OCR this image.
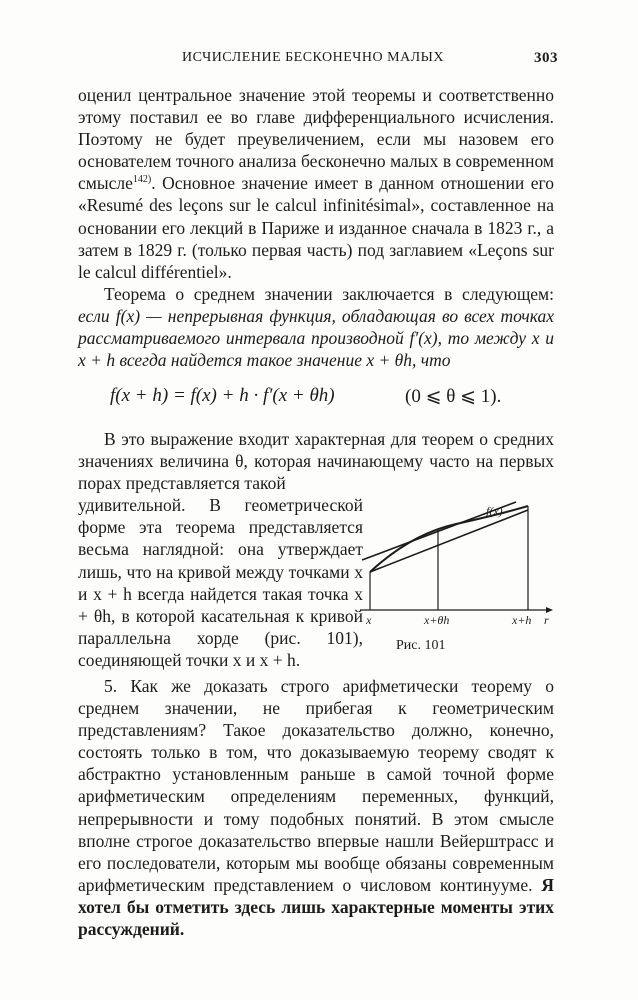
ИСЧИСЛЕНИЕ БЕСКОНЕЧНО МАЛЫХ	303

оценил центральное значение этой теоремы и соответственно этому поставил ее во главе дифференциального исчисления. Поэтому не будет преувеличением, если мы назовем его основателем точного анализа бесконечно малых в современном смысле$^{142)}$. Основное значение имеет в данном отношении его «Resumé des leçons sur le calcul infinitésimal», составленное на основании его лекций в Париже и изданное сначала в 1823 г., а затем в 1829 г. (только первая часть) под заглавием «Leçons sur le calcul différentiel».

Теорема о среднем значении заключается в следующем: если f(x) — непрерывная функция, обладающая во всех точках рассматриваемого интервала производной f′(x), то между x и x + h всегда найдется такое значение x + θh, что

f(x + h) = f(x) + h · f′(x + θh)	(0 ⩽ θ ⩽ 1).

В это выражение входит характерная для теорем о средних значениях величина θ, которая начинающему часто на первых порах представляется такой

удивительной. В геометрической форме эта теорема представляется весьма наглядной: она утверждает лишь, что на кривой между точками x и x + h всегда найдется такая точка x + θh, в которой касательная к кривой параллельна хорде (рис. 101), соединяющей точки x и x + h.

f(x)
x	x+θh	x+h r
Рис. 101

5. Как же доказать строго арифметически теорему о среднем значении, не прибегая к геометрическим представлениям? Такое доказательство должно, конечно, состоять только в том, что доказываемую теорему сводят к абстрактно установленным раньше в самой точной форме арифметическим определениям переменных, функций, непрерывности и тому подобных понятий. В этом смысле вполне строгое доказательство впервые нашли Вейерштрасс и его последователи, которым мы вообще обязаны современным арифметическим представлением о числовом континууме. Я хотел бы отметить здесь лишь характерные моменты этих рассуждений.
